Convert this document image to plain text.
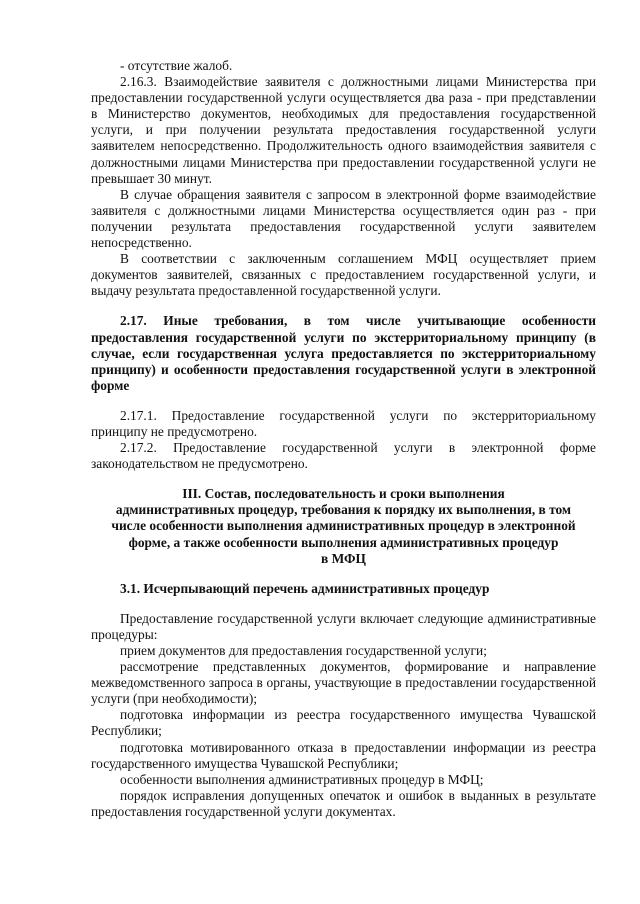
- отсутствие жалоб.

2.16.3. Взаимодействие заявителя с должностными лицами Министерства при предоставлении государственной услуги осуществляется два раза - при представлении в Министерство документов, необходимых для предоставления государственной услуги, и при получении результата предоставления государственной услуги заявителем непосредственно. Продолжительность одного взаимодействия заявителя с должностными лицами Министерства при предоставлении государственной услуги не превышает 30 минут.

В случае обращения заявителя с запросом в электронной форме взаимодействие заявителя с должностными лицами Министерства осуществляется один раз - при получении результата предоставления государственной услуги заявителем непосредственно.

В соответствии с заключенным соглашением МФЦ осуществляет прием документов заявителей, связанных с предоставлением государственной услуги, и выдачу результата предоставленной государственной услуги.

2.17. Иные требования, в том числе учитывающие особенности предоставления государственной услуги по экстерриториальному принципу (в случае, если государственная услуга предоставляется по экстерриториальному принципу) и особенности предоставления государственной услуги в электронной форме

2.17.1. Предоставление государственной услуги по экстерриториальному принципу не предусмотрено.

2.17.2. Предоставление государственной услуги в электронной форме законодательством не предусмотрено.

III. Состав, последовательность и сроки выполнения

административных процедур, требования к порядку их выполнения, в том

числе особенности выполнения административных процедур в электронной

форме, а также особенности выполнения административных процедур

в МФЦ

3.1. Исчерпывающий перечень административных процедур

Предоставление государственной услуги включает следующие административные процедуры:

прием документов для предоставления государственной услуги;

рассмотрение представленных документов, формирование и направление межведомственного запроса в органы, участвующие в предоставлении государственной услуги (при необходимости);

подготовка информации из реестра государственного имущества Чувашской Республики;

подготовка мотивированного отказа в предоставлении информации из реестра государственного имущества Чувашской Республики;

особенности выполнения административных процедур в МФЦ;

порядок исправления допущенных опечаток и ошибок в выданных в результате предоставления государственной услуги документах.
